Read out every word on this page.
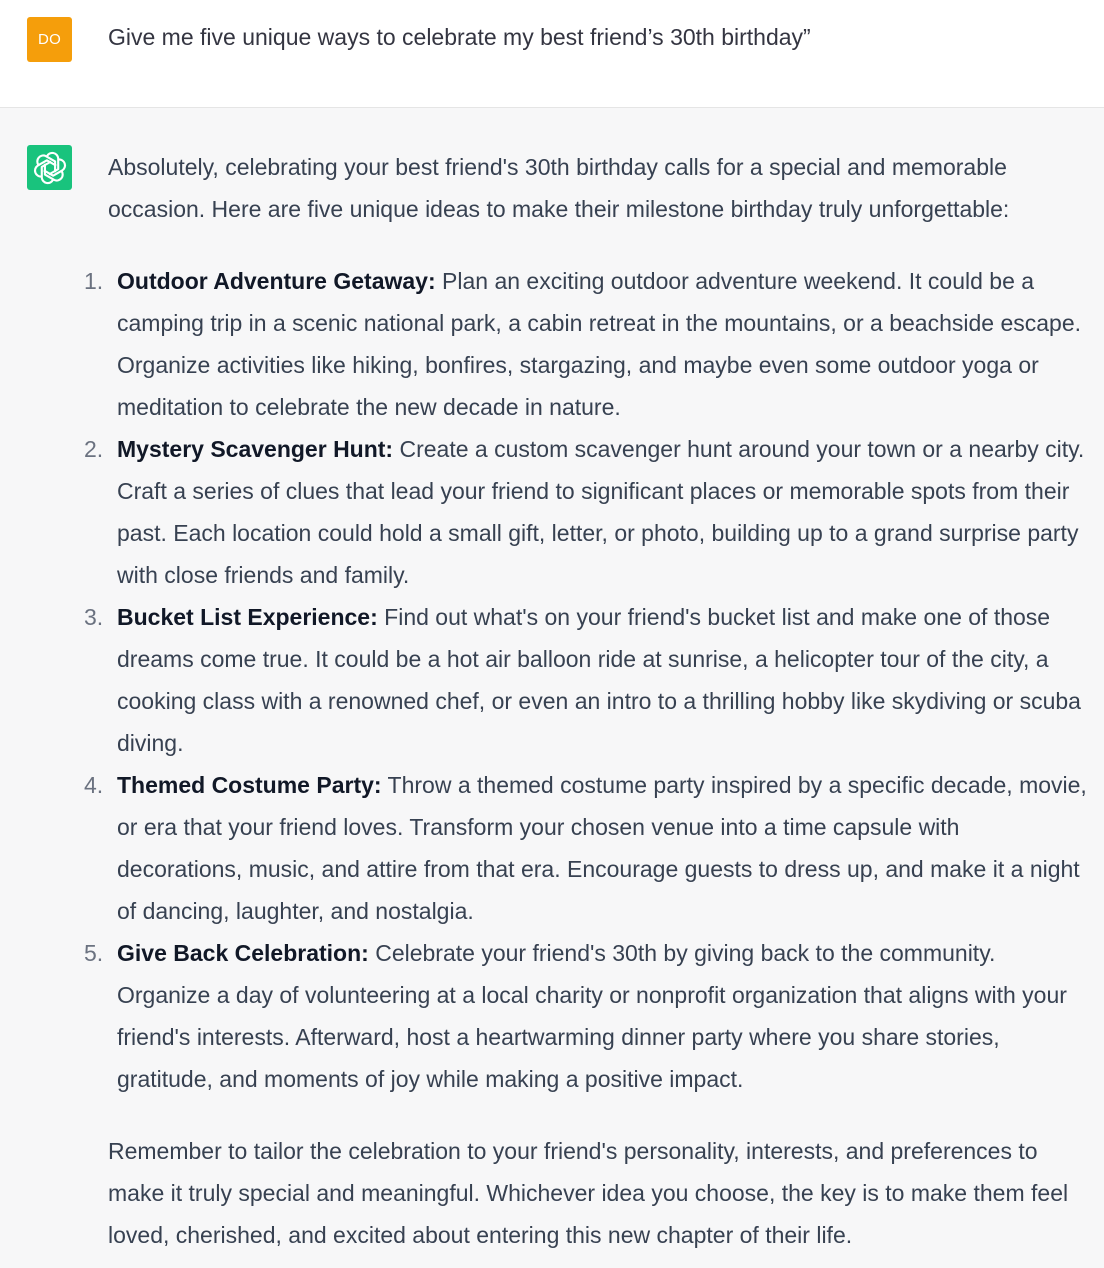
DO	Give me five unique ways to celebrate my best friend’s 30th birthday”

Absolutely, celebrating your best friend's 30th birthday calls for a special and memorable occasion. Here are five unique ideas to make their milestone birthday truly unforgettable:

1. Outdoor Adventure Getaway: Plan an exciting outdoor adventure weekend. It could be a camping trip in a scenic national park, a cabin retreat in the mountains, or a beachside escape. Organize activities like hiking, bonfires, stargazing, and maybe even some outdoor yoga or meditation to celebrate the new decade in nature.
2. Mystery Scavenger Hunt: Create a custom scavenger hunt around your town or a nearby city. Craft a series of clues that lead your friend to significant places or memorable spots from their past. Each location could hold a small gift, letter, or photo, building up to a grand surprise party with close friends and family.
3. Bucket List Experience: Find out what's on your friend's bucket list and make one of those dreams come true. It could be a hot air balloon ride at sunrise, a helicopter tour of the city, a cooking class with a renowned chef, or even an intro to a thrilling hobby like skydiving or scuba diving.
4. Themed Costume Party: Throw a themed costume party inspired by a specific decade, movie, or era that your friend loves. Transform your chosen venue into a time capsule with decorations, music, and attire from that era. Encourage guests to dress up, and make it a night of dancing, laughter, and nostalgia.
5. Give Back Celebration: Celebrate your friend's 30th by giving back to the community. Organize a day of volunteering at a local charity or nonprofit organization that aligns with your friend's interests. Afterward, host a heartwarming dinner party where you share stories, gratitude, and moments of joy while making a positive impact.

Remember to tailor the celebration to your friend's personality, interests, and preferences to make it truly special and meaningful. Whichever idea you choose, the key is to make them feel loved, cherished, and excited about entering this new chapter of their life.
